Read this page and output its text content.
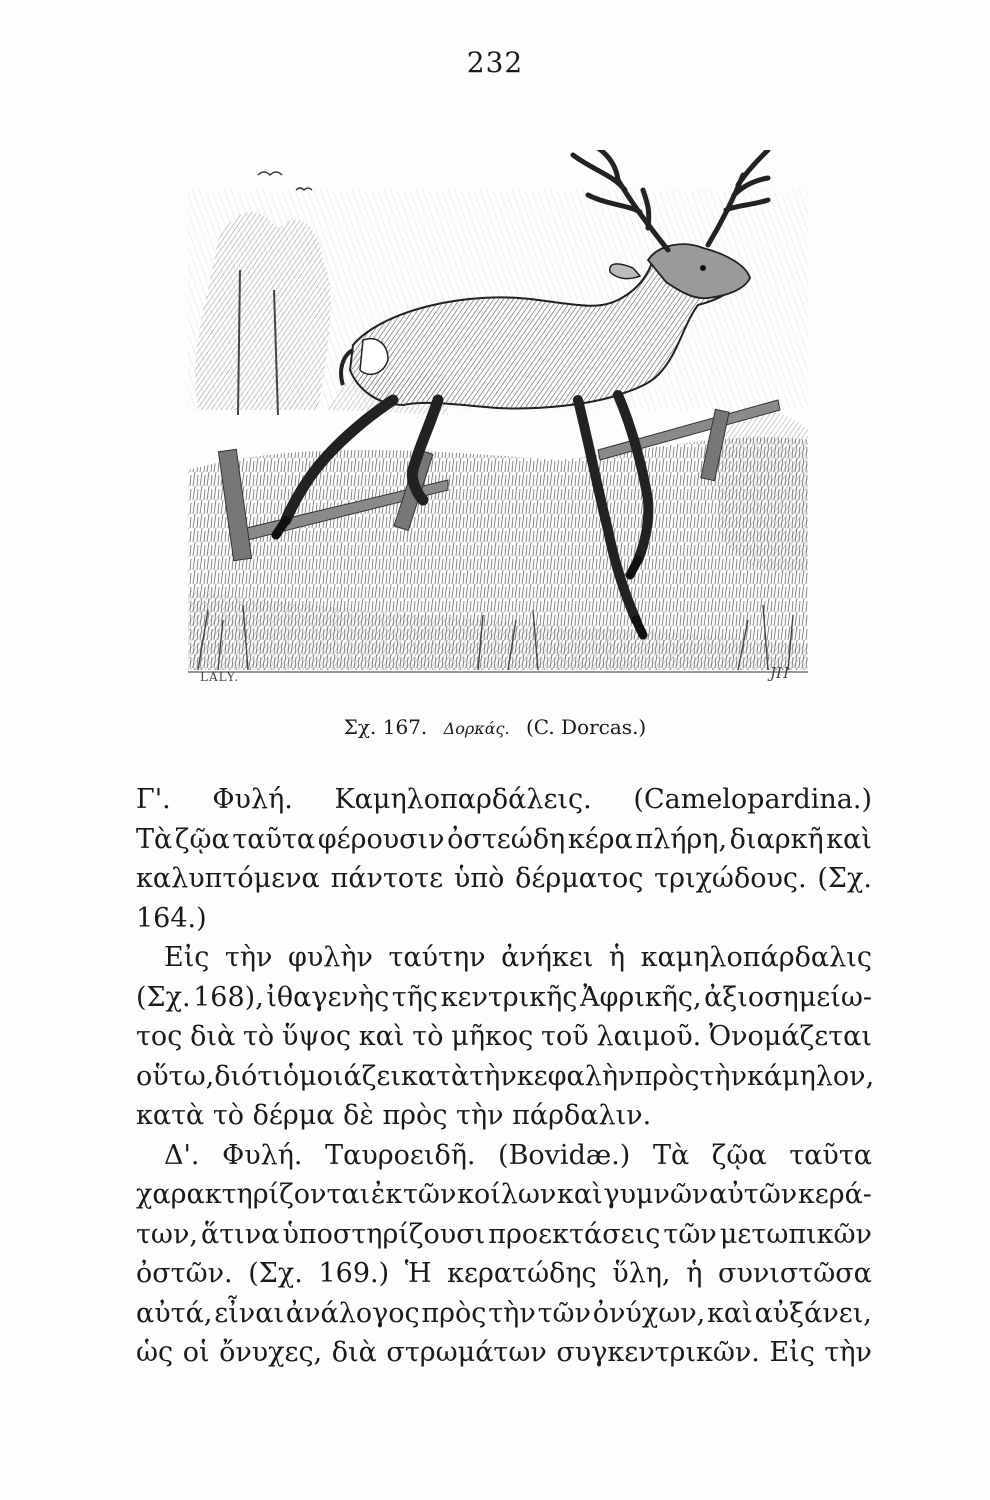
232
LALY.	JH
Σχ. 167. Δορκάς. (C. Dorcas.)
Γ'. Φυλή. Καμηλοπαρδάλεις. (Camelopardina.)
Τὰ ζῷα ταῦτα φέρουσιν ὀστεώδη κέρα πλήρη, διαρκῆ καὶ
καλυπτόμενα πάντοτε ὑπὸ δέρματος τριχώδους. (Σχ.
164.)
Εἰς τὴν φυλὴν ταύτην ἀνήκει ἡ καμηλοπάρδαλις
(Σχ. 168), ἰθαγενὴς τῆς κεντρικῆς Ἀφρικῆς, ἀξιοσημείω-
τος διὰ τὸ ὕψος καὶ τὸ μῆκος τοῦ λαιμοῦ. Ὀνομάζεται
οὕτω, διότι ὁμοιάζει κατὰ τὴν κεφαλὴν πρὸς τὴν κάμηλον,
κατὰ τὸ δέρμα δὲ πρὸς τὴν πάρδαλιν.
Δ'. Φυλή. Ταυροειδῆ. (Bovidæ.) Τὰ ζῷα ταῦτα
χαρακτηρίζονται ἐκ τῶν κοίλων καὶ γυμνῶν αὐτῶν κερά-
των, ἅτινα ὑποστηρίζουσι προεκτάσεις τῶν μετωπικῶν
ὀστῶν. (Σχ. 169.) Ἡ κερατώδης ὕλη, ἡ συνιστῶσα
αὐτά, εἶναι ἀνάλογος πρὸς τὴν τῶν ὀνύχων, καὶ αὐξάνει,
ὡς οἱ ὄνυχες, διὰ στρωμάτων συγκεντρικῶν. Εἰς τὴν
